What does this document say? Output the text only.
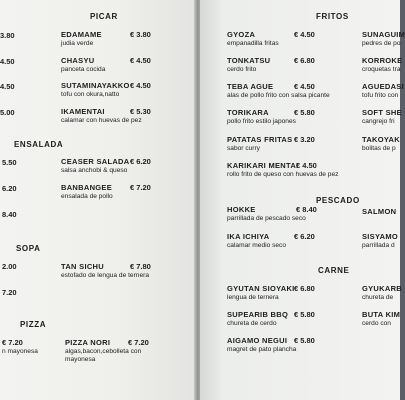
PICAR
ENSALADA
SOPA
PIZZA
3.80
4.50
4.50
5.00
5.50
6.20
8.40
2.00
7.20
€ 7.20
n mayonesa
EDAMAME
judia verde
€ 3.80
CHASYU
panceta cocida
€ 4.50
SUTAMINAYAKKO
tofu con okura,natto
€ 4.50
IKAMENTAI
calamar con huevas de pez
€ 5.30
CEASER SALADA
salsa anchobi & queso
€ 6.20
BANBANGEE
ensalada de pollo
€ 7.20
TAN SICHU
estofado de lengua de ternera
€ 7.80
PIZZA NORI
algas,bacon,cebolleta con mayonesa
€ 7.20
FRITOS
PESCADO
CARNE
GYOZA
empanadilla fritas
€ 4.50
TONKATSU
cerdo frito
€ 6.80
TEBA AGUE
alas de pollo frito con salsa picante
€ 4.50
TORIKARA
pollo frito estilo japones
€ 5.80
PATATAS FRITAS
sabor curry
€ 3.20
KARIKARI MENTAI
rollo frito de queso con huevas de pez
€ 4.50
HOKKE
parrillada de pescado seco
€ 8.40
IKA ICHIYA
calamar medio seco
€ 6.20
GYUTAN SIOYAKI
lengua de ternera
€ 6.80
SUPEARIB BBQ
chureta de cerdo
€ 5.80
AIGAMO NEGUI
magret de pato plancha
€ 5.80
SUNAGUIM
pedres de po
KORROKE
croquetas tra
AGUEDASI
tofu frito con
SOFT SHE
cangrejo fri
TAKOYAK
bolitas de p
SALMON
SISYAMO
parrillada d
GYUKARB
chureta de
BUTA KIM
cerdo con
